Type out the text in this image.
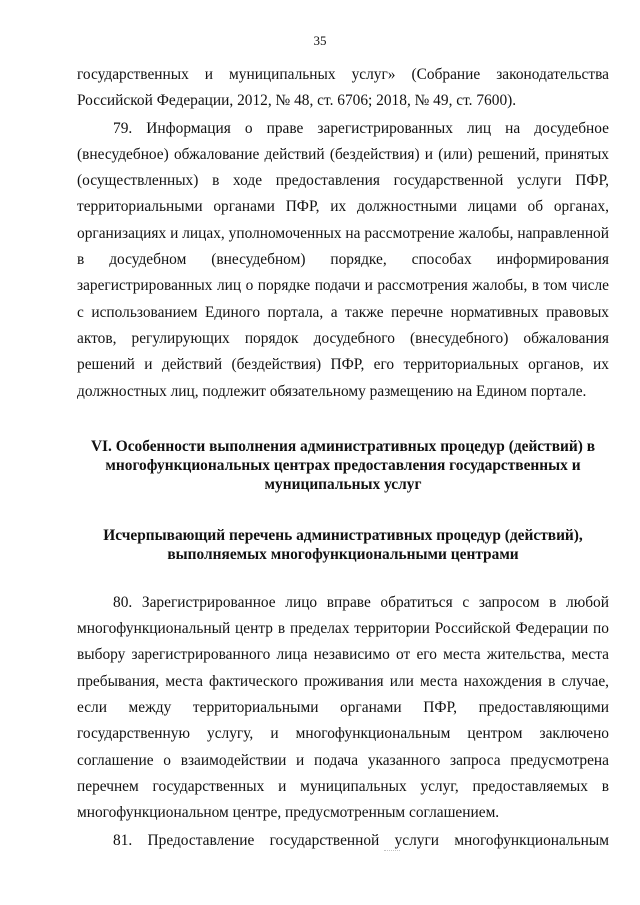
35

государственных и муниципальных услуг» (Собрание законодательства Российской Федерации, 2012, № 48, ст. 6706; 2018, № 49, ст. 7600).

79. Информация о праве зарегистрированных лиц на досудебное (внесудебное) обжалование действий (бездействия) и (или) решений, принятых (осуществленных) в ходе предоставления государственной услуги ПФР, территориальными органами ПФР, их должностными лицами об органах, организациях и лицах, уполномоченных на рассмотрение жалобы, направленной в досудебном (внесудебном) порядке, способах информирования зарегистрированных лиц о порядке подачи и рассмотрения жалобы, в том числе с использованием Единого портала, а также перечне нормативных правовых актов, регулирующих порядок досудебного (внесудебного) обжалования решений и действий (бездействия) ПФР, его территориальных органов, их должностных лиц, подлежит обязательному размещению на Едином портале.

VI. Особенности выполнения административных процедур (действий) в многофункциональных центрах предоставления государственных и муниципальных услуг

Исчерпывающий перечень административных процедур (действий), выполняемых многофункциональными центрами

80. Зарегистрированное лицо вправе обратиться с запросом в любой многофункциональный центр в пределах территории Российской Федерации по выбору зарегистрированного лица независимо от его места жительства, места пребывания, места фактического проживания или места нахождения в случае, если между территориальными органами ПФР, предоставляющими государственную услугу, и многофункциональным центром заключено соглашение о взаимодействии и подача указанного запроса предусмотрена перечнем государственных и муниципальных услуг, предоставляемых в многофункциональном центре, предусмотренным соглашением.

81. Предоставление государственной услуги многофункциональным
